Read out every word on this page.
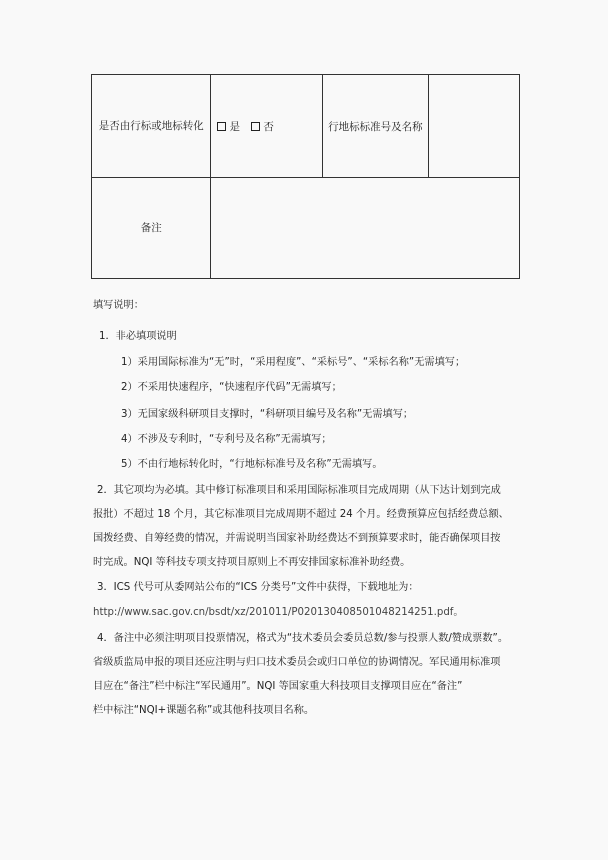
是否由行标或地标转化	是 否	行地标标准号及名称	
备注			
填写说明：
1．非必填项说明
1）采用国际标准为“无”时，“采用程度”、“采标号”、“采标名称”无需填写；
2）不采用快速程序，“快速程序代码”无需填写；
3）无国家级科研项目支撑时，“科研项目编号及名称”无需填写；
4）不涉及专利时，“专利号及名称”无需填写；
5）不由行地标转化时，“行地标标准号及名称”无需填写。
2．其它项均为必填。其中修订标准项目和采用国际标准项目完成周期（从下达计划到完成
报批）不超过 18 个月，其它标准项目完成周期不超过 24 个月。经费预算应包括经费总额、
国拨经费、自筹经费的情况，并需说明当国家补助经费达不到预算要求时，能否确保项目按
时完成。NQI 等科技专项支持项目原则上不再安排国家标准补助经费。
3．ICS 代号可从委网站公布的“ICS 分类号”文件中获得，下载地址为：
http://www.sac.gov.cn/bsdt/xz/201011/P020130408501048214251.pdf。
4．备注中必须注明项目投票情况，格式为“技术委员会委员总数/参与投票人数/赞成票数”。
省级质监局申报的项目还应注明与归口技术委员会或归口单位的协调情况。军民通用标准项
目应在“备注”栏中标注“军民通用”。NQI 等国家重大科技项目支撑项目应在“备注”
栏中标注“NQI+课题名称”或其他科技项目名称。
